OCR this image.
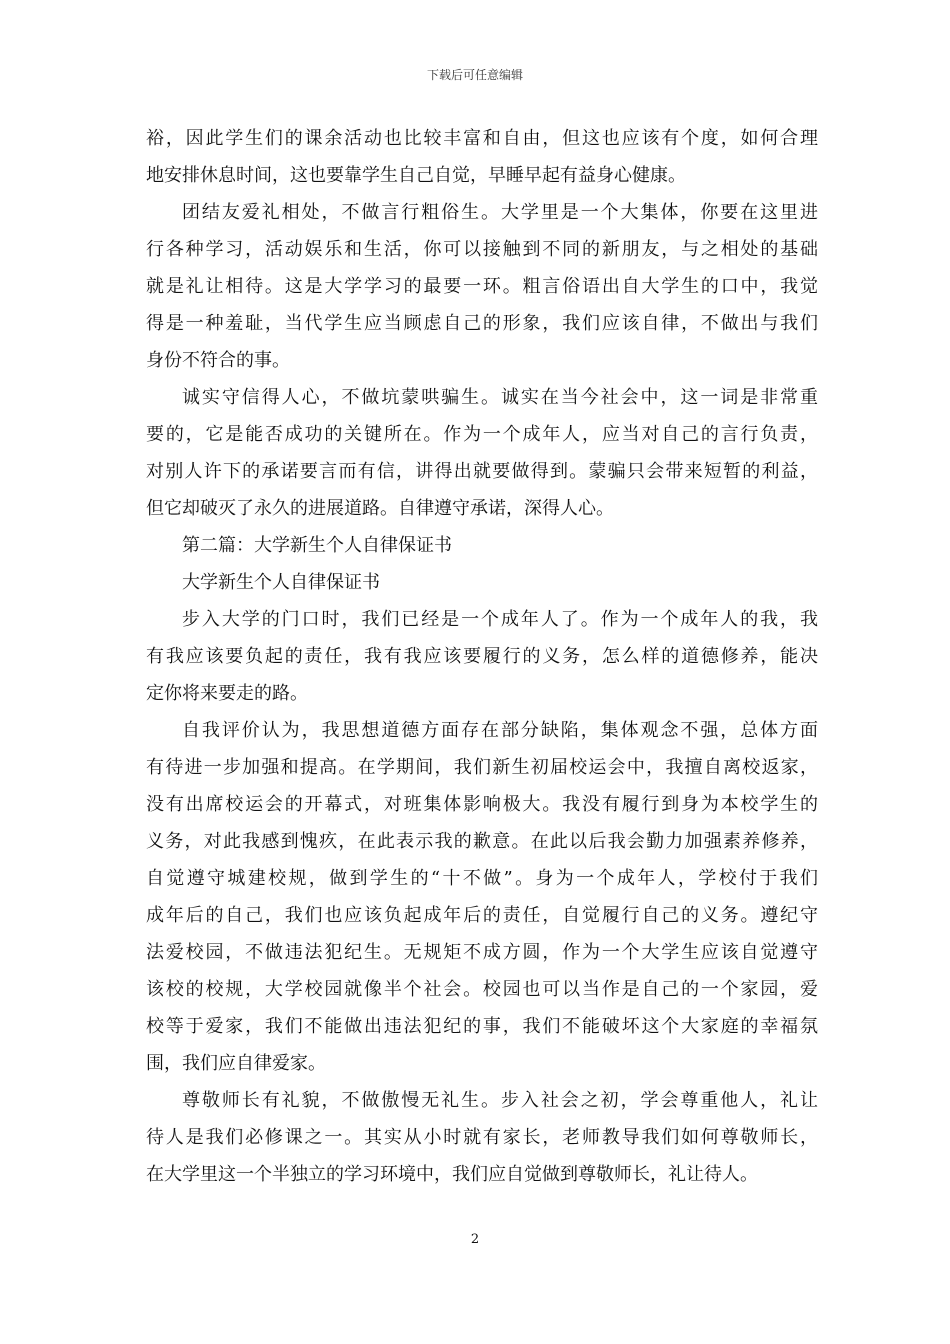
下载后可任意编辑
裕，因此学生们的课余活动也比较丰富和自由，但这也应该有个度，如何合理
地安排休息时间，这也要靠学生自己自觉，早睡早起有益身心健康。
团结友爱礼相处，不做言行粗俗生。大学里是一个大集体，你要在这里进
行各种学习，活动娱乐和生活，你可以接触到不同的新朋友，与之相处的基础
就是礼让相待。这是大学学习的最要一环。粗言俗语出自大学生的口中，我觉
得是一种羞耻，当代学生应当顾虑自己的形象，我们应该自律，不做出与我们
身份不符合的事。
诚实守信得人心，不做坑蒙哄骗生。诚实在当今社会中，这一词是非常重
要的，它是能否成功的关键所在。作为一个成年人，应当对自己的言行负责，
对别人许下的承诺要言而有信，讲得出就要做得到。蒙骗只会带来短暂的利益，
但它却破灭了永久的进展道路。自律遵守承诺，深得人心。
第二篇：大学新生个人自律保证书
大学新生个人自律保证书
步入大学的门口时，我们已经是一个成年人了。作为一个成年人的我，我
有我应该要负起的责任，我有我应该要履行的义务，怎么样的道德修养，能决
定你将来要走的路。
自我评价认为，我思想道德方面存在部分缺陷，集体观念不强，总体方面
有待进一步加强和提高。在学期间，我们新生初届校运会中，我擅自离校返家，
没有出席校运会的开幕式，对班集体影响极大。我没有履行到身为本校学生的
义务，对此我感到愧疚，在此表示我的歉意。在此以后我会勤力加强素养修养，
自觉遵守城建校规，做到学生的“十不做”。身为一个成年人，学校付于我们
成年后的自己，我们也应该负起成年后的责任，自觉履行自己的义务。遵纪守
法爱校园，不做违法犯纪生。无规矩不成方圆，作为一个大学生应该自觉遵守
该校的校规，大学校园就像半个社会。校园也可以当作是自己的一个家园，爱
校等于爱家，我们不能做出违法犯纪的事，我们不能破坏这个大家庭的幸福氛
围，我们应自律爱家。
尊敬师长有礼貌，不做傲慢无礼生。步入社会之初，学会尊重他人，礼让
待人是我们必修课之一。其实从小时就有家长，老师教导我们如何尊敬师长，
在大学里这一个半独立的学习环境中，我们应自觉做到尊敬师长，礼让待人。
2
